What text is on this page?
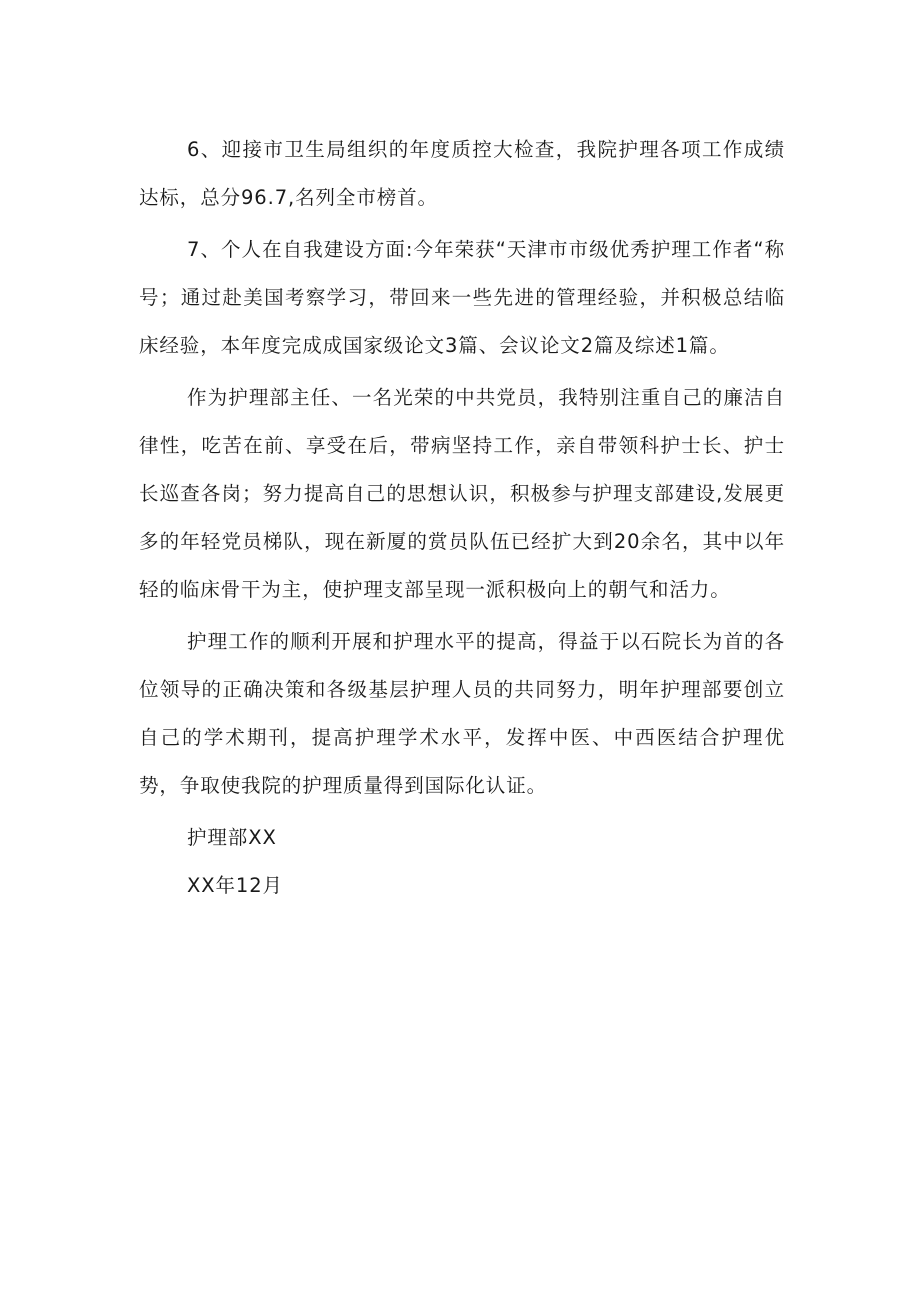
6、迎接市卫生局组织的年度质控大检查，我院护理各项工作成绩达标，总分96.7,名列全市榜首。

7、个人在自我建设方面:今年荣获“天津市市级优秀护理工作者“称号；通过赴美国考察学习，带回来一些先进的管理经验，并积极总结临床经验，本年度完成成国家级论文3篇、会议论文2篇及综述1篇。

作为护理部主任、一名光荣的中共党员，我特别注重自己的廉洁自律性，吃苦在前、享受在后，带病坚持工作，亲自带领科护士长、护士长巡查各岗；努力提高自己的思想认识，积极参与护理支部建设,发展更多的年轻党员梯队，现在新厦的赏员队伍已经扩大到20余名，其中以年轻的临床骨干为主，使护理支部呈现一派积极向上的朝气和活力。

护理工作的顺利开展和护理水平的提高，得益于以石院长为首的各位领导的正确决策和各级基层护理人员的共同努力，明年护理部要创立自己的学术期刊，提高护理学术水平，发挥中医、中西医结合护理优势，争取使我院的护理质量得到国际化认证。

护理部XX

XX年12月
